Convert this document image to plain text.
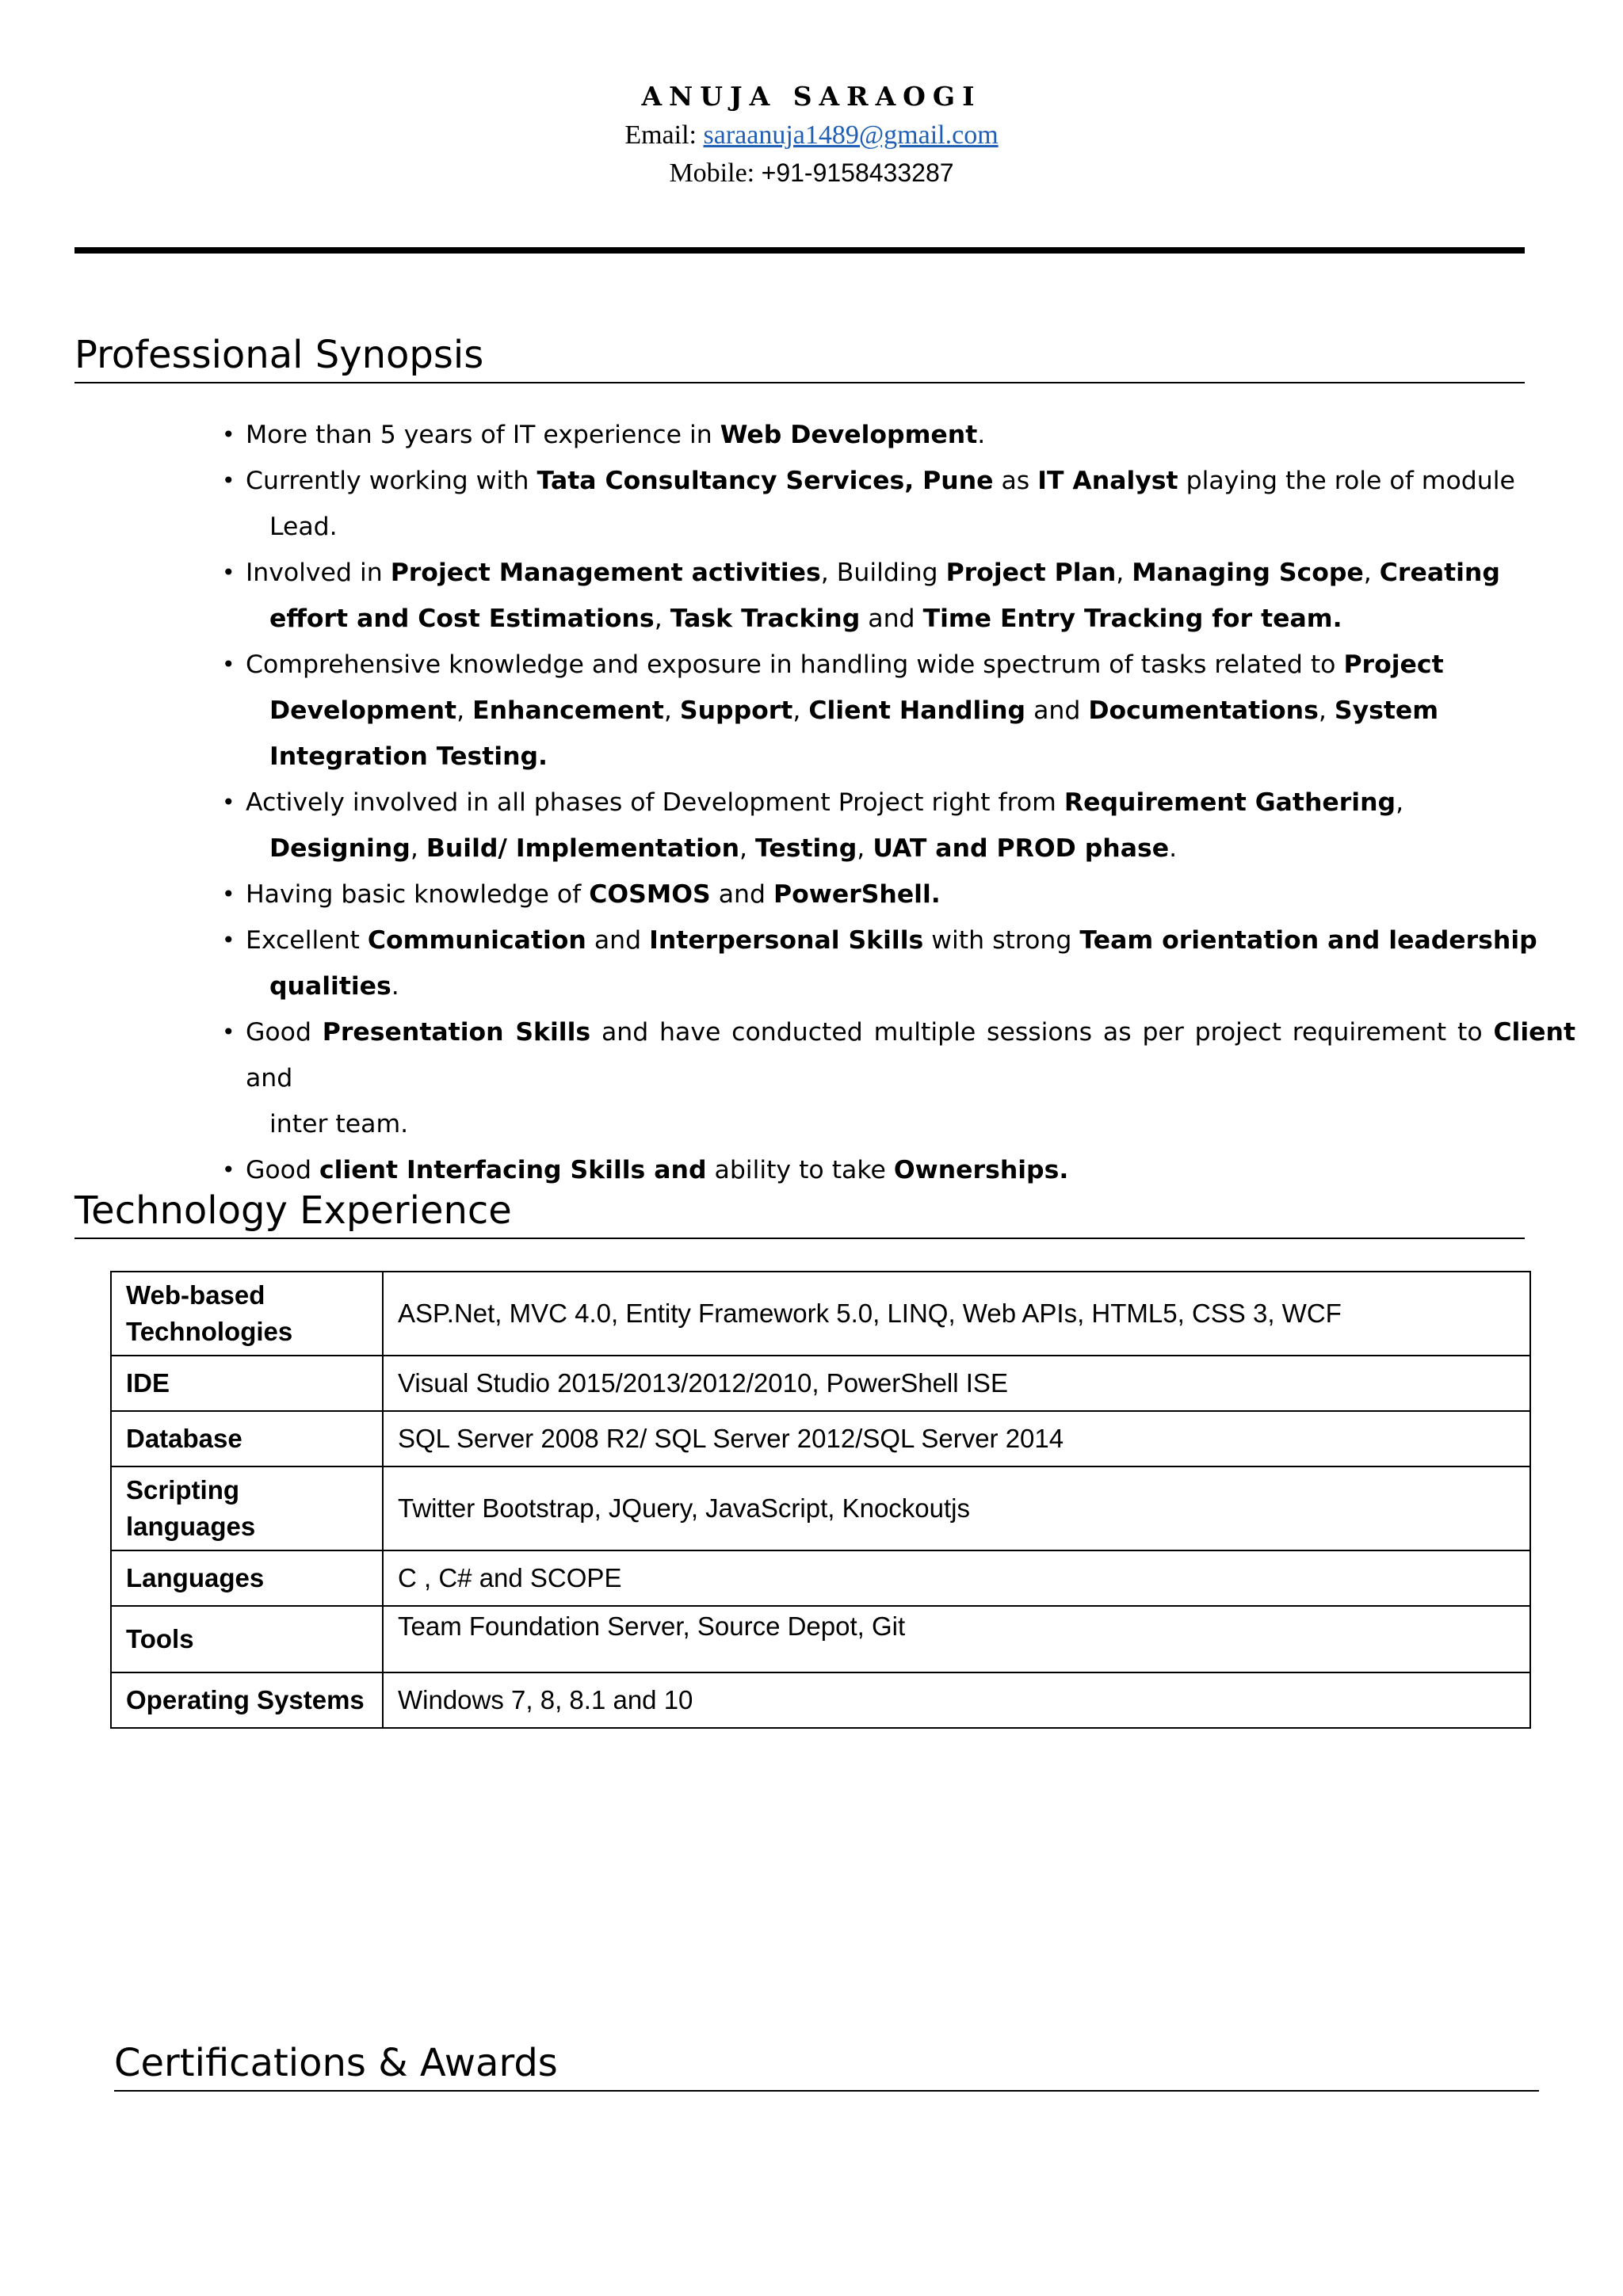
ANUJA SARAOGI
Email: saraanuja1489@gmail.com
Mobile: +91-9158433287
Professional Synopsis
• More than 5 years of IT experience in Web Development.
• Currently working with Tata Consultancy Services, Pune as IT Analyst playing the role of module
Lead.
• Involved in Project Management activities, Building Project Plan, Managing Scope, Creating
effort and Cost Estimations, Task Tracking and Time Entry Tracking for team.
• Comprehensive knowledge and exposure in handling wide spectrum of tasks related to Project
Development, Enhancement, Support, Client Handling and Documentations, System
Integration Testing.
• Actively involved in all phases of Development Project right from Requirement Gathering,
Designing, Build/ Implementation, Testing, UAT and PROD phase.
• Having basic knowledge of COSMOS and PowerShell.
• Excellent Communication and Interpersonal Skills with strong Team orientation and leadership
qualities.
• Good Presentation Skills and have conducted multiple sessions as per project requirement to Client and
inter team.
• Good client Interfacing Skills and ability to take Ownerships.
Technology Experience
Web-based Technologies	ASP.Net, MVC 4.0, Entity Framework 5.0, LINQ, Web APIs, HTML5, CSS 3, WCF
IDE	Visual Studio 2015/2013/2012/2010, PowerShell ISE
Database	SQL Server 2008 R2/ SQL Server 2012/SQL Server 2014
Scripting languages	Twitter Bootstrap, JQuery, JavaScript, Knockoutjs
Languages	C , C# and SCOPE
Tools	Team Foundation Server, Source Depot, Git
Operating Systems	Windows 7, 8, 8.1 and 10
Certifications & Awards
